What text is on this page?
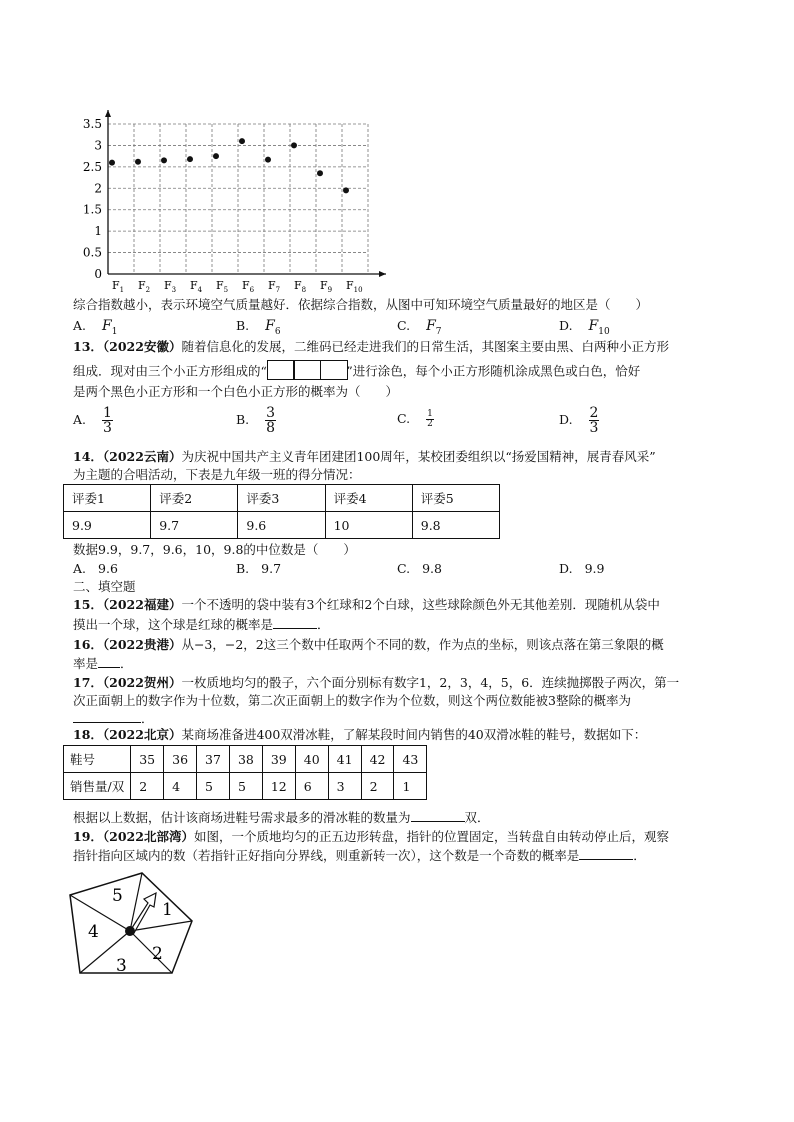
0
0.5
1
1.5
2
2.5
3
3.5
$F_1$ $F_2$ $F_3$ $F_4$ $F_5$ $F_6$ $F_7$ $F_8$ $F_9$ $F_{10}$
综合指数越小，表示环境空气质量越好．依据综合指数，从图中可知环境空气质量最好的地区是（　　）
A. $F_1$	B. $F_6$	C. $F_7$	D. $F_{10}$
13．（2022安徽）随着信息化的发展，二维码已经走进我们的日常生活，其图案主要由黑、白两种小正方形
组成．现对由三个小正方形组成的“	”进行涂色，每个小正方形随机涂成黑色或白色，恰好
是两个黑色小正方形和一个白色小正方形的概率为（　　）
A. $\frac{1}{3}$	B. $\frac{3}{8}$	C. $\frac{1}{2}$	D. $\frac{2}{3}$
14．（2022云南）为庆祝中国共产主义青年团建团100周年，某校团委组织以“扬爱国精神，展青春风采”
为主题的合唱活动，下表是九年级一班的得分情况：
评委1	评委2	评委3	评委4	评委5
9.9	9.7	9.6	10	9.8
数据9.9，9.7，9.6，10，9.8的中位数是（　　）
A. 9.6	B. 9.7	C. 9.8	D. 9.9
二、填空题
15．（2022福建）一个不透明的袋中装有3个红球和2个白球，这些球除颜色外无其他差别．现随机从袋中
摸出一个球，这个球是红球的概率是	．
16．（2022贵港）从−3，−2，2这三个数中任取两个不同的数，作为点的坐标，则该点落在第三象限的概
率是 ．
17．（2022贺州）一枚质地均匀的骰子，六个面分别标有数字1，2，3，4，5，6．连续抛掷骰子两次，第一
次正面朝上的数字作为十位数，第二次正面朝上的数字作为个位数，则这个两位数能被3整除的概率为
．
18．（2022北京）某商场准备进400双滑冰鞋，了解某段时间内销售的40双滑冰鞋的鞋号，数据如下：
鞋号	35	36	37	38	39	40	41	42	43
销售量/双	2	4	5	5	12	6	3	2	1
根据以上数据，估计该商场进鞋号需求最多的滑冰鞋的数量为	双．
19．（2022北部湾）如图，一个质地均匀的正五边形转盘，指针的位置固定，当转盘自由转动停止后，观察
指针指向区域内的数（若指针正好指向分界线，则重新转一次），这个数是一个奇数的概率是	．
5
1
2
3
4
